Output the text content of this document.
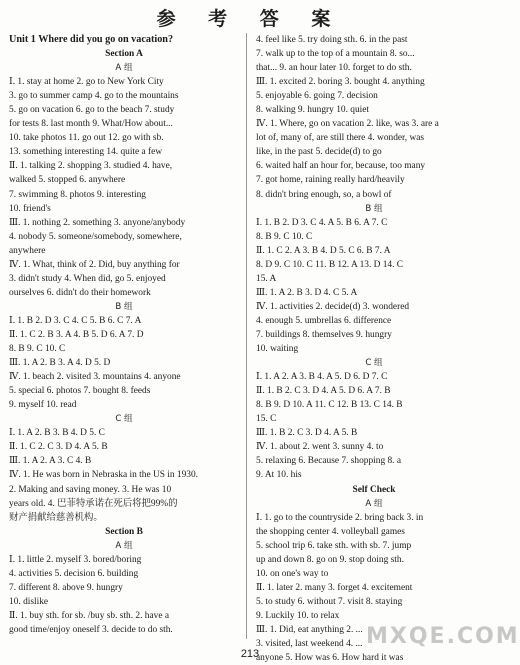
参 考 答 案
Unit 1 Where did you go on vacation?
Section A
A 组
Ⅰ. 1. stay at home 2. go to New York City
3. go to summer camp 4. go to the mountains
5. go on vacation 6. go to the beach 7. study
for tests 8. last month 9. What/How about...
10. take photos 11. go out 12. go with sb.
13. something interesting 14. quite a few
Ⅱ. 1. talking 2. shopping 3. studied 4. have,
walked 5. stopped 6. anywhere
7. swimming 8. photos 9. interesting
10. friend's
Ⅲ. 1. nothing 2. something 3. anyone/anybody
4. nobody 5. someone/somebody, somewhere,
anywhere
Ⅳ. 1. What, think of 2. Did, buy anything for
3. didn't study 4. When did, go 5. enjoyed
ourselves 6. didn't do their homework
B 组
Ⅰ. 1. B 2. D 3. C 4. C 5. B 6. C 7. A
Ⅱ. 1. C 2. B 3. A 4. B 5. D 6. A 7. D
8. B 9. C 10. C
Ⅲ. 1. A 2. B 3. A 4. D 5. D
Ⅳ. 1. beach 2. visited 3. mountains 4. anyone
5. special 6. photos 7. bought 8. feeds
9. myself 10. read
C 组
Ⅰ. 1. A 2. B 3. B 4. D 5. C
Ⅱ. 1. C 2. C 3. D 4. A 5. B
Ⅲ. 1. A 2. A 3. C 4. B
Ⅳ. 1. He was born in Nebraska in the US in 1930.
2. Making and saving money. 3. He was 10
years old. 4. 巴菲特承诺在死后将把99%的
财产捐献给慈善机构。
Section B
A 组
Ⅰ. 1. little 2. myself 3. bored/boring
4. activities 5. decision 6. building
7. different 8. above 9. hungry
10. dislike
Ⅱ. 1. buy sth. for sb. /buy sb. sth. 2. have a
good time/enjoy oneself 3. decide to do sth.
4. feel like 5. try doing sth. 6. in the past
7. walk up to the top of a mountain 8. so...
that... 9. an hour later 10. forget to do sth.
Ⅲ. 1. excited 2. boring 3. bought 4. anything
5. enjoyable 6. going 7. decision
8. walking 9. hungry 10. quiet
Ⅳ. 1. Where, go on vacation 2. like, was 3. are a
lot of, many of, are still there 4. wonder, was
like, in the past 5. decide(d) to go
6. waited half an hour for, because, too many
7. got home, raining really hard/heavily
8. didn't bring enough, so, a bowl of
B 组
Ⅰ. 1. B 2. D 3. C 4. A 5. B 6. A 7. C
8. B 9. C 10. C
Ⅱ. 1. C 2. A 3. B 4. D 5. C 6. B 7. A
8. D 9. C 10. C 11. B 12. A 13. D 14. C
15. A
Ⅲ. 1. A 2. B 3. D 4. C 5. A
Ⅳ. 1. activities 2. decide(d) 3. wondered
4. enough 5. umbrellas 6. difference
7. buildings 8. themselves 9. hungry
10. waiting
C 组
Ⅰ. 1. A 2. A 3. B 4. A 5. D 6. D 7. C
Ⅱ. 1. B 2. C 3. D 4. A 5. D 6. A 7. B
8. B 9. D 10. A 11. C 12. B 13. C 14. B
15. C
Ⅲ. 1. B 2. C 3. D 4. A 5. B
Ⅳ. 1. about 2. went 3. sunny 4. to
5. relaxing 6. Because 7. shopping 8. a
9. At 10. his
Self Check
A 组
Ⅰ. 1. go to the countryside 2. bring back 3. in
the shopping center 4. volleyball games
5. school trip 6. take sth. with sb. 7. jump
up and down 8. go on 9. stop doing sth.
10. on one's way to
Ⅱ. 1. later 2. many 3. forget 4. excitement
5. to study 6. without 7. visit 8. staying
9. Luckily 10. to relax
Ⅲ. 1. Did, eat anything 2. ...
3. visited, last weekend 4. ...
anyone 5. How was 6. How hard it was
MXQE.COM
213
